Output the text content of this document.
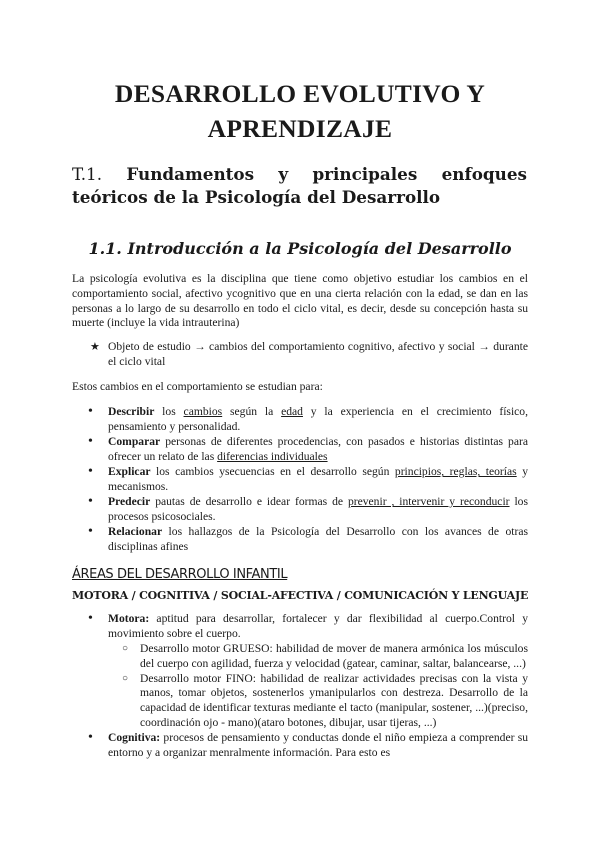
DESARROLLO EVOLUTIVO Y APRENDIZAJE
T.1. Fundamentos y principales enfoques
teóricos de la Psicología del Desarrollo
1.1. Introducción a la Psicología del Desarrollo

La psicología evolutiva es la disciplina que tiene como objetivo estudiar los cambios en el comportamiento social, afectivo ycognitivo que en una cierta relación con la edad, se dan en las personas a lo largo de su desarrollo en todo el ciclo vital, es decir, desde su concepción hasta su muerte (incluye la vida intrauterina)

★ Objeto de estudio → cambios del comportamiento cognitivo, afectivo y social → durante el ciclo vital

Estos cambios en el comportamiento se estudian para:

•	Describir los cambios según la edad y la experiencia en el crecimiento físico, pensamiento y personalidad.
•	Comparar personas de diferentes procedencias, con pasados e historias distintas para ofrecer un relato de las diferencias individuales
•	Explicar los cambios ysecuencias en el desarrollo según principios, reglas, teorías y mecanismos.
•	Predecir pautas de desarrollo e idear formas de prevenir , intervenir y reconducir los procesos psicosociales.
•	Relacionar los hallazgos de la Psicología del Desarrollo con los avances de otras disciplinas afines
ÁREAS DEL DESARROLLO INFANTIL
MOTORA / COGNITIVA / SOCIAL-AFECTIVA / COMUNICACIÓN Y LENGUAJE
•	Motora: aptitud para desarrollar, fortalecer y dar flexibilidad al cuerpo.Control y movimiento sobre el cuerpo.
○	Desarrollo motor GRUESO: habilidad de mover de manera armónica los músculos del cuerpo con agilidad, fuerza y velocidad (gatear, caminar, saltar, balancearse, ...)
○	Desarrollo motor FINO: habilidad de realizar actividades precisas con la vista y manos, tomar objetos, sostenerlos ymanipularlos con destreza. Desarrollo de la capacidad de identificar texturas mediante el tacto (manipular, sostener, ...)(preciso, coordinación ojo - mano)(ataro botones, dibujar, usar tijeras, ...)
•	Cognitiva: procesos de pensamiento y conductas donde el niño empieza a comprender su entorno y a organizar menralmente información. Para esto es
